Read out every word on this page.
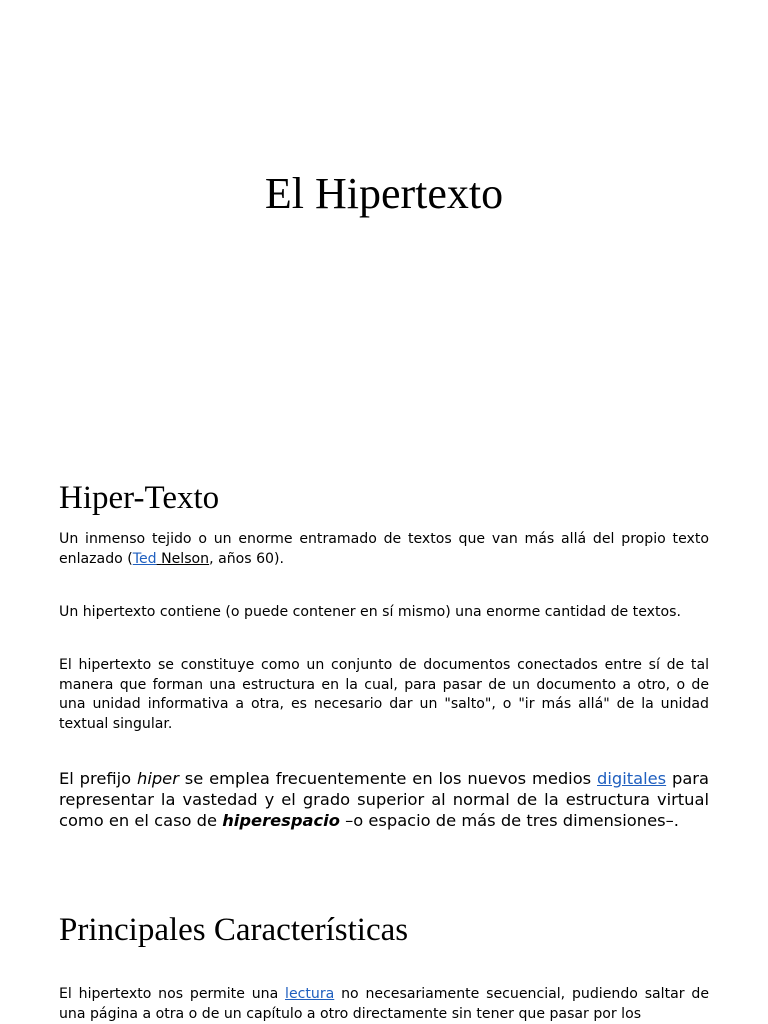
El Hipertexto
Hiper-Texto

Un inmenso tejido o un enorme entramado de textos que van más allá del propio texto enlazado (Ted Nelson, años 60).

Un hipertexto contiene (o puede contener en sí mismo) una enorme cantidad de textos.

El hipertexto se constituye como un conjunto de documentos conectados entre sí de tal manera que forman una estructura en la cual, para pasar de un documento a otro, o de una unidad informativa a otra, es necesario dar un "salto", o "ir más allá" de la unidad textual singular.

El prefijo hiper se emplea frecuentemente en los nuevos medios digitales para representar la vastedad y el grado superior al normal de la estructura virtual como en el caso de hiperespacio –o espacio de más de tres dimensiones–.

Principales Características

El hipertexto nos permite una lectura no necesariamente secuencial, pudiendo saltar de una página a otra o de un capítulo a otro directamente sin tener que pasar por los
